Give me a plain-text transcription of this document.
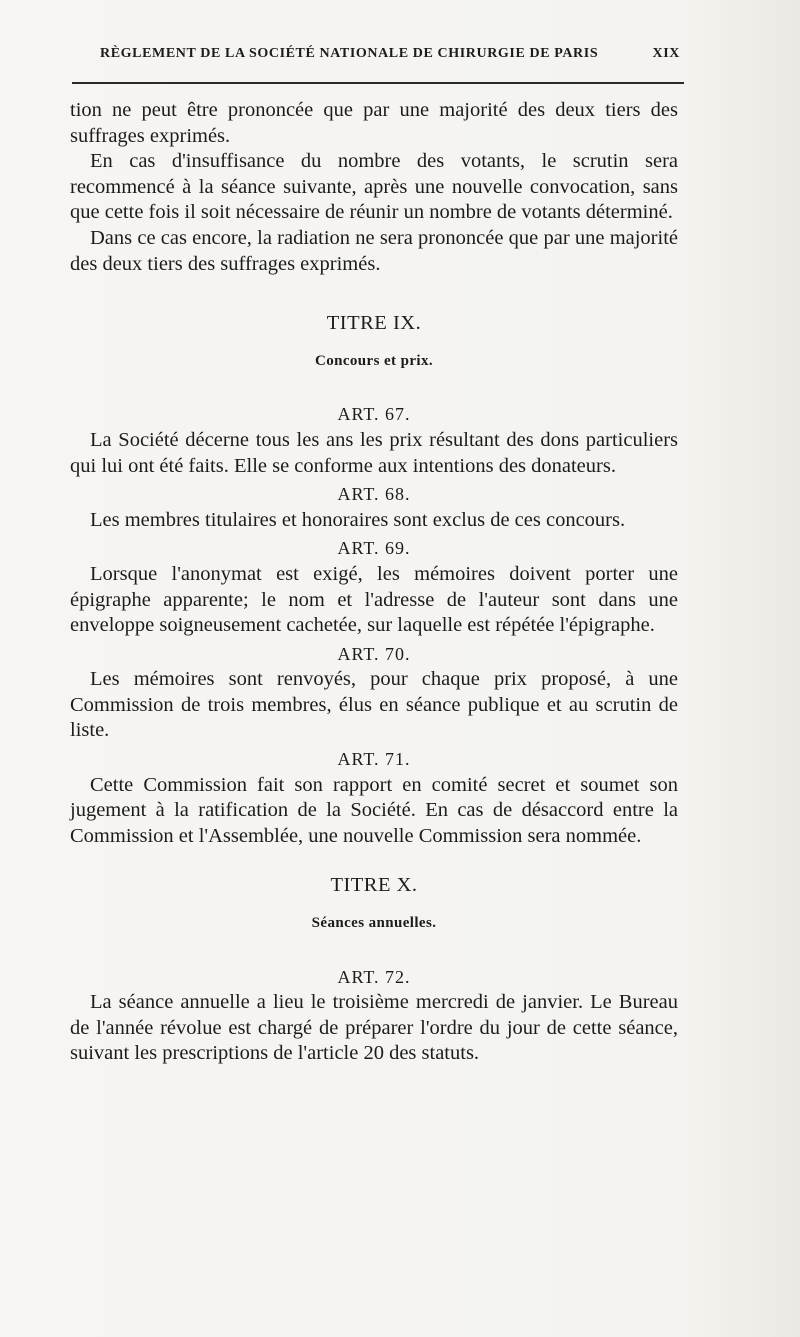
RÈGLEMENT DE LA SOCIÉTÉ NATIONALE DE CHIRURGIE DE PARIS	XIX

tion ne peut être prononcée que par une majorité des deux tiers des suffrages exprimés.

En cas d'insuffisance du nombre des votants, le scrutin sera recommencé à la séance suivante, après une nouvelle convocation, sans que cette fois il soit nécessaire de réunir un nombre de votants déterminé.

Dans ce cas encore, la radiation ne sera prononcée que par une majorité des deux tiers des suffrages exprimés.

TITRE IX.
Concours et prix.
ART. 67.

La Société décerne tous les ans les prix résultant des dons particuliers qui lui ont été faits. Elle se conforme aux intentions des donateurs.

ART. 68.

Les membres titulaires et honoraires sont exclus de ces concours.

ART. 69.

Lorsque l'anonymat est exigé, les mémoires doivent porter une épigraphe apparente; le nom et l'adresse de l'auteur sont dans une enveloppe soigneusement cachetée, sur laquelle est répétée l'épigraphe.

ART. 70.

Les mémoires sont renvoyés, pour chaque prix proposé, à une Commission de trois membres, élus en séance publique et au scrutin de liste.

ART. 71.

Cette Commission fait son rapport en comité secret et soumet son jugement à la ratification de la Société. En cas de désaccord entre la Commission et l'Assemblée, une nouvelle Commission sera nommée.

TITRE X.
Séances annuelles.
ART. 72.

La séance annuelle a lieu le troisième mercredi de janvier. Le Bureau de l'année révolue est chargé de préparer l'ordre du jour de cette séance, suivant les prescriptions de l'article 20 des statuts.
